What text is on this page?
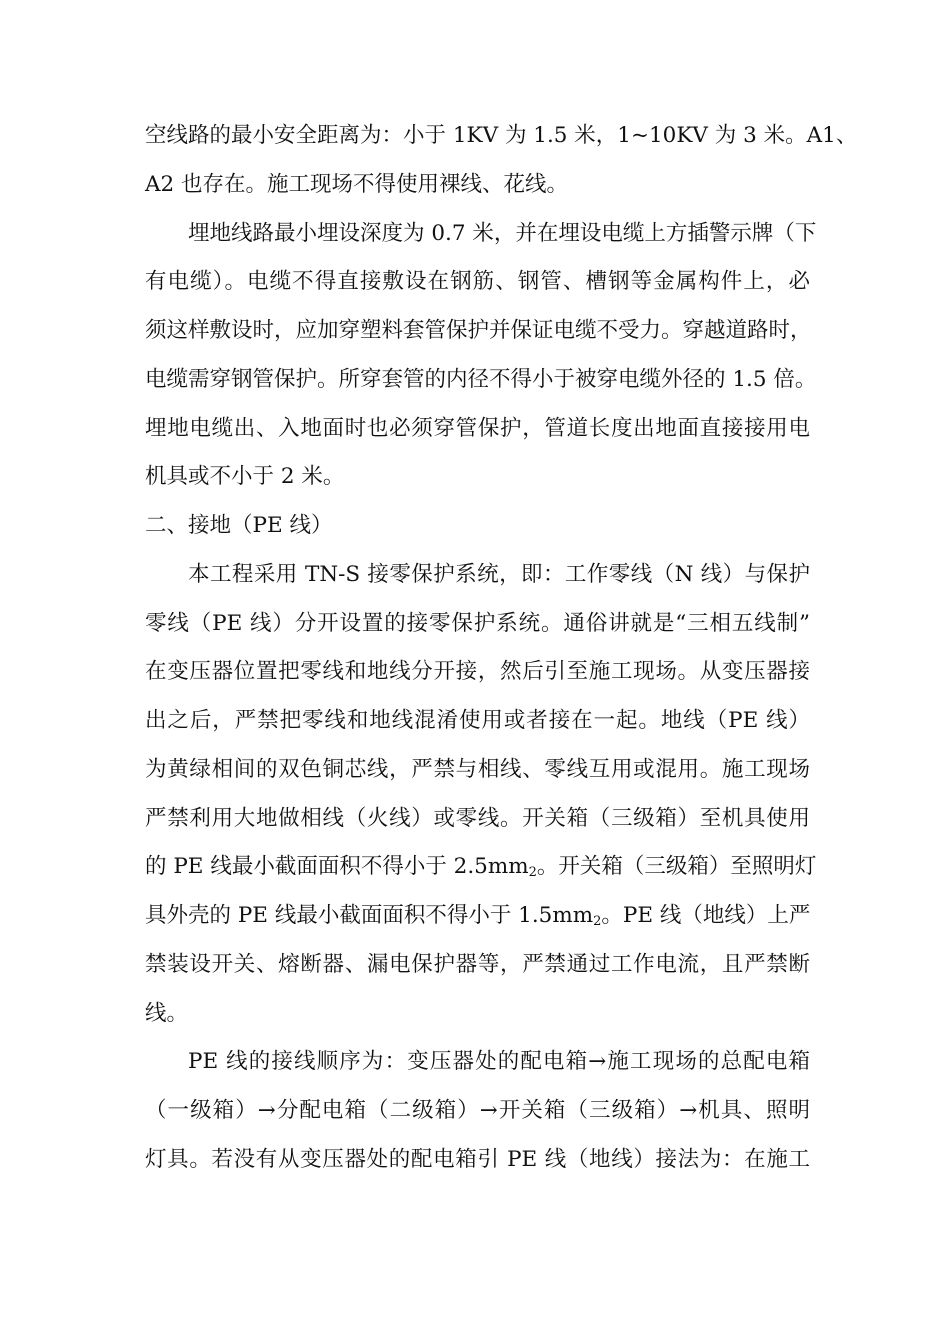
空线路的最小安全距离为：小于 1KV 为 1.5 米，1~10KV 为 3 米。A1、
A2 也存在。施工现场不得使用裸线、花线。
埋地线路最小埋设深度为 0.7 米，并在埋设电缆上方插警示牌（下
有电缆）。电缆不得直接敷设在钢筋、钢管、槽钢等金属构件上，必
须这样敷设时，应加穿塑料套管保护并保证电缆不受力。穿越道路时，
电缆需穿钢管保护。所穿套管的内径不得小于被穿电缆外径的 1.5 倍。
埋地电缆出、入地面时也必须穿管保护，管道长度出地面直接接用电
机具或不小于 2 米。
二、接地（PE 线）
本工程采用 TN-S 接零保护系统，即：工作零线（N 线）与保护
零线（PE 线）分开设置的接零保护系统。通俗讲就是“三相五线制”
在变压器位置把零线和地线分开接，然后引至施工现场。从变压器接
出之后，严禁把零线和地线混淆使用或者接在一起。地线（PE 线）
为黄绿相间的双色铜芯线，严禁与相线、零线互用或混用。施工现场
严禁利用大地做相线（火线）或零线。开关箱（三级箱）至机具使用
的 PE 线最小截面面积不得小于 $2.5mm^2$。开关箱（三级箱）至照明灯
具外壳的 PE 线最小截面面积不得小于 $1.5mm^2$。PE 线（地线）上严
禁装设开关、熔断器、漏电保护器等，严禁通过工作电流，且严禁断
线。
PE 线的接线顺序为：变压器处的配电箱→施工现场的总配电箱
（一级箱）→分配电箱（二级箱）→开关箱（三级箱）→机具、照明
灯具。若没有从变压器处的配电箱引 PE 线（地线）接法为：在施工
